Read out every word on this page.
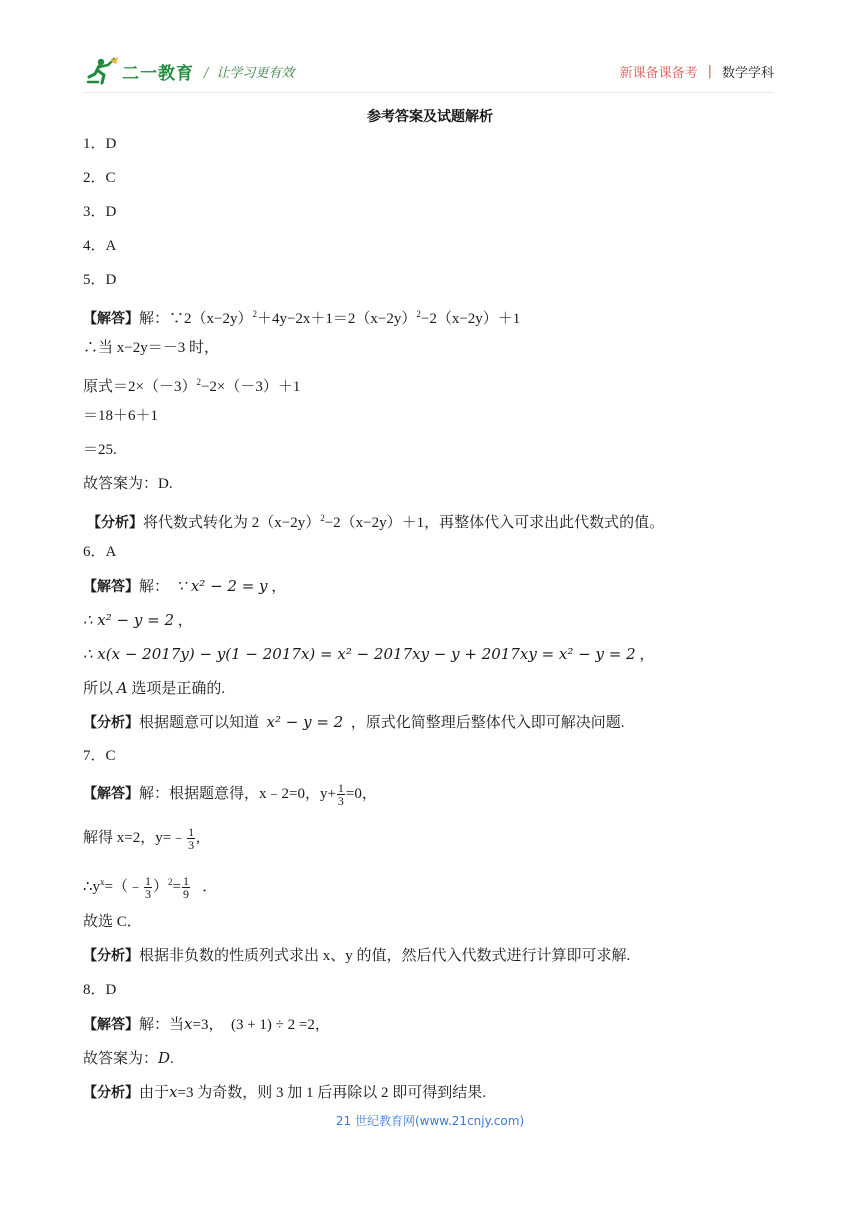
二一教育 / 让学习更有效	新课备课备考 | 数学学科
参考答案及试题解析
1．D
2．C
3．D
4．A
5．D
【解答】解：$\because 2(x-2y)^2+4y-2x+1=2(x-2y)^2-2(x-2y)+1$
∴当 x−2y＝－3 时，
原式$=2\times(-3)^2-2\times(-3)+1$
＝18＋6＋1
＝25.
故答案为：D.
【分析】将代数式转化为 $2(x-2y)^2-2(x-2y)+1$，再整体代入可求出此代数式的值。
6．A
【解答】解： ∵ x² − 2 = y ，
∴ x² − y = 2 ，
∴ x(x − 2017y) − y(1 − 2017x) = x² − 2017xy − y + 2017xy = x² − y = 2 ，
所以 A 选项是正确的.
【分析】根据题意可以知道 x² − y = 2 ，原式化简整理后整体代入即可解决问题.
7．C
【解答】解：根据题意得，x﹣2=0，$y+ \frac{1}{3} =0$，
解得 x=2，y=﹣ $\frac{1}{3}$ ,
$\therefore y^x=(﹣ \frac{1}{3} )^2= \frac{1}{9}$ ．
故选 C．
【分析】根据非负数的性质列式求出 x、y 的值，然后代入代数式进行计算即可求解.
8．D
【解答】解：当x=3， (3 + 1) ÷ 2 =2，
故答案为：D.
【分析】由于x=3 为奇数，则 3 加 1 后再除以 2 即可得到结果.
21 世纪教育网(www.21cnjy.com)
